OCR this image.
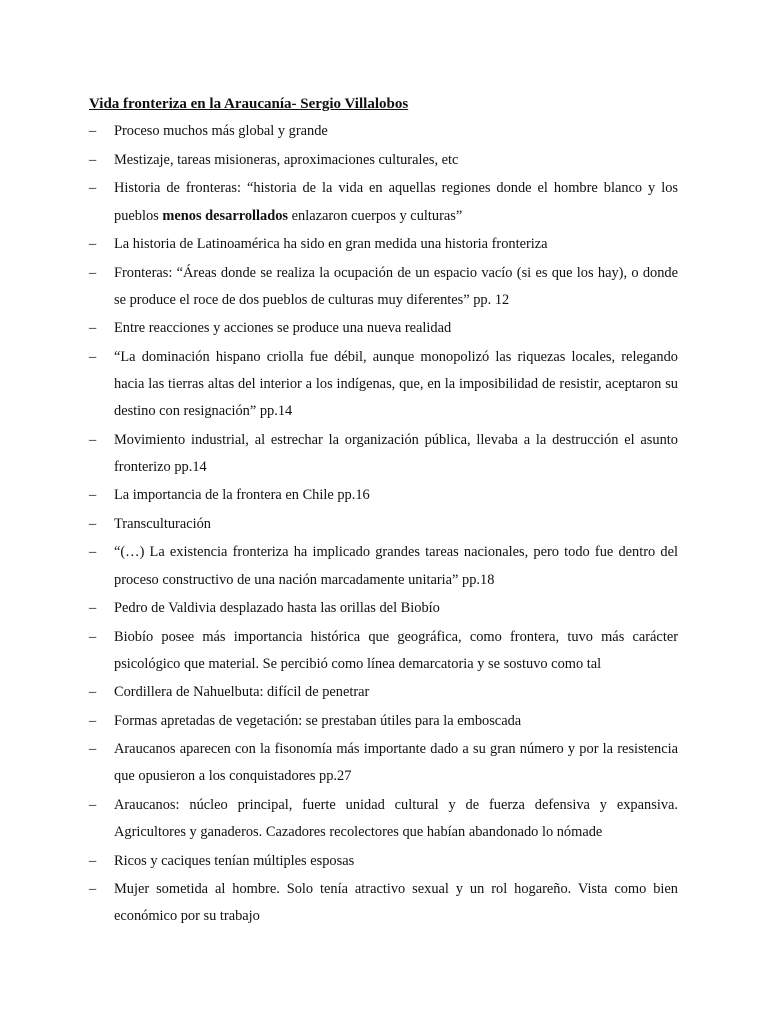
Vida fronteriza en la Araucanía- Sergio Villalobos
– Proceso muchos más global y grande
– Mestizaje, tareas misioneras, aproximaciones culturales, etc
– Historia de fronteras: “historia de la vida en aquellas regiones donde el hombre blanco y los pueblos menos desarrollados enlazaron cuerpos y culturas”
– La historia de Latinoamérica ha sido en gran medida una historia fronteriza
– Fronteras: “Áreas donde se realiza la ocupación de un espacio vacío (si es que los hay), o donde se produce el roce de dos pueblos de culturas muy diferentes” pp. 12
– Entre reacciones y acciones se produce una nueva realidad
– “La dominación hispano criolla fue débil, aunque monopolizó las riquezas locales, relegando hacia las tierras altas del interior a los indígenas, que, en la imposibilidad de resistir, aceptaron su destino con resignación” pp.14
– Movimiento industrial, al estrechar la organización pública, llevaba a la destrucción el asunto fronterizo pp.14
– La importancia de la frontera en Chile pp.16
– Transculturación
– “(…) La existencia fronteriza ha implicado grandes tareas nacionales, pero todo fue dentro del proceso constructivo de una nación marcadamente unitaria” pp.18
– Pedro de Valdivia desplazado hasta las orillas del Biobío
– Biobío posee más importancia histórica que geográfica, como frontera, tuvo más carácter psicológico que material. Se percibió como línea demarcatoria y se sostuvo como tal
– Cordillera de Nahuelbuta: difícil de penetrar
– Formas apretadas de vegetación: se prestaban útiles para la emboscada
– Araucanos aparecen con la fisonomía más importante dado a su gran número y por la resistencia que opusieron a los conquistadores pp.27
– Araucanos: núcleo principal, fuerte unidad cultural y de fuerza defensiva y expansiva. Agricultores y ganaderos. Cazadores recolectores que habían abandonado lo nómade
– Ricos y caciques tenían múltiples esposas
– Mujer sometida al hombre. Solo tenía atractivo sexual y un rol hogareño. Vista como bien económico por su trabajo
